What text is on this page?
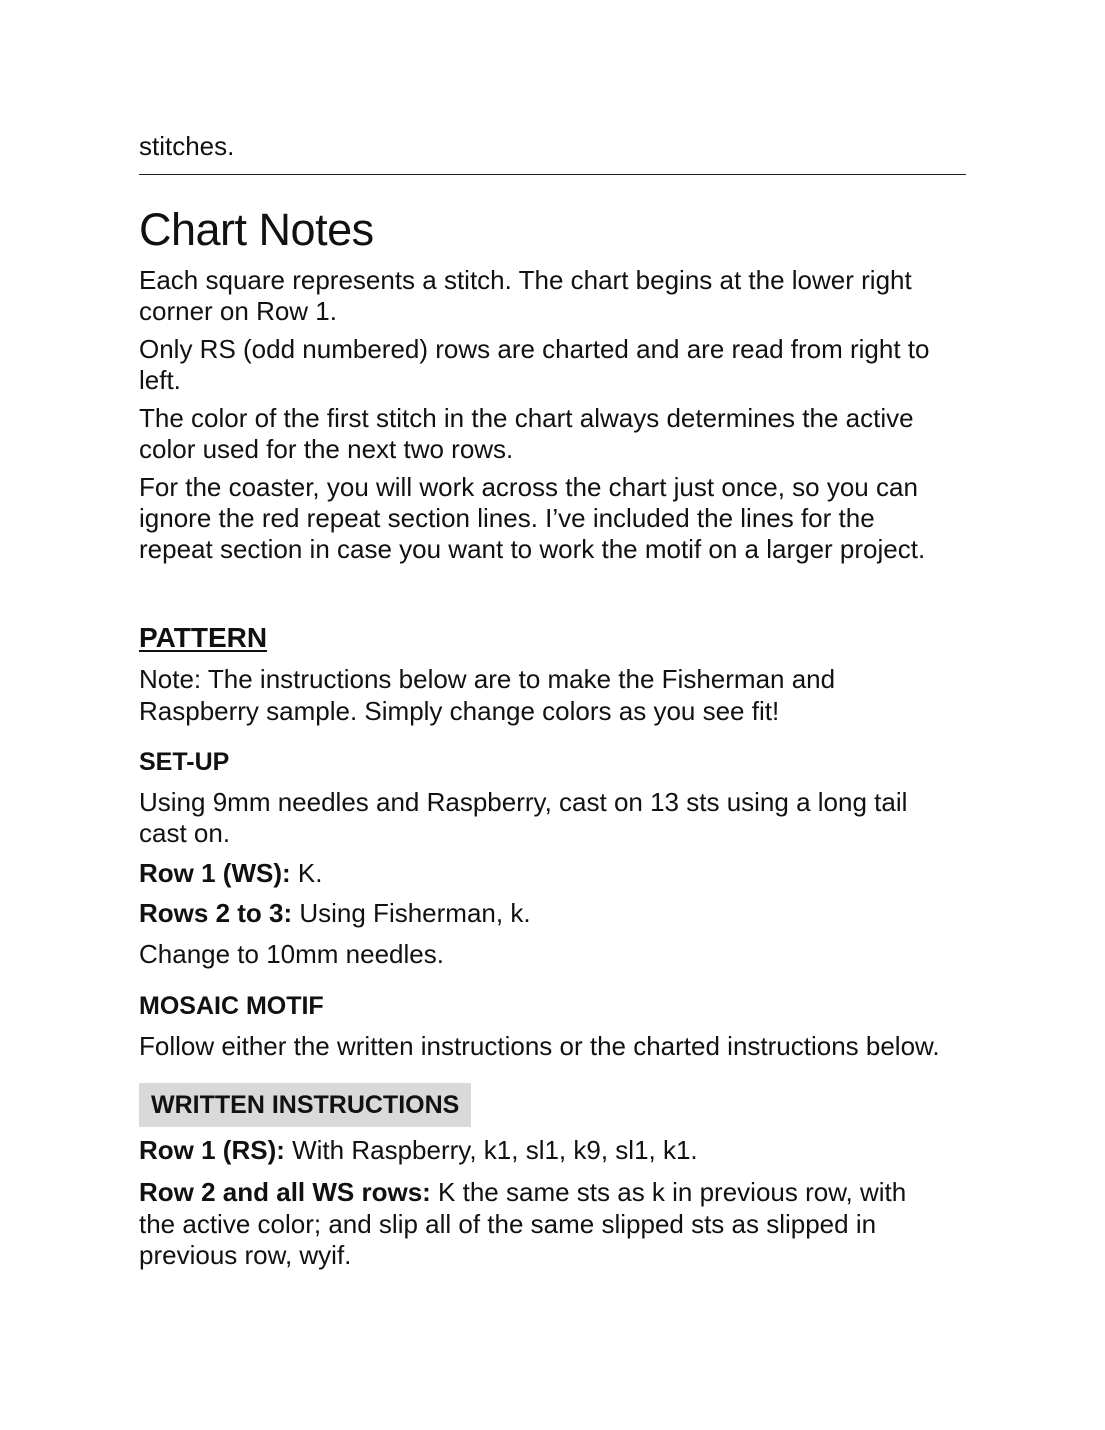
stitches.

Chart Notes

Each square represents a stitch. The chart begins at the lower right

corner on Row 1.

Only RS (odd numbered) rows are charted and are read from right to

left.

The color of the first stitch in the chart always determines the active

color used for the next two rows.

For the coaster, you will work across the chart just once, so you can

ignore the red repeat section lines. I’ve included the lines for the

repeat section in case you want to work the motif on a larger project.

PATTERN

Note: The instructions below are to make the Fisherman and

Raspberry sample. Simply change colors as you see fit!

SET-UP

Using 9mm needles and Raspberry, cast on 13 sts using a long tail

cast on.

Row 1 (WS): K.

Rows 2 to 3: Using Fisherman, k.

Change to 10mm needles.

MOSAIC MOTIF

Follow either the written instructions or the charted instructions below.

WRITTEN INSTRUCTIONS

Row 1 (RS): With Raspberry, k1, sl1, k9, sl1, k1.

Row 2 and all WS rows: K the same sts as k in previous row, with

the active color; and slip all of the same slipped sts as slipped in

previous row, wyif.
